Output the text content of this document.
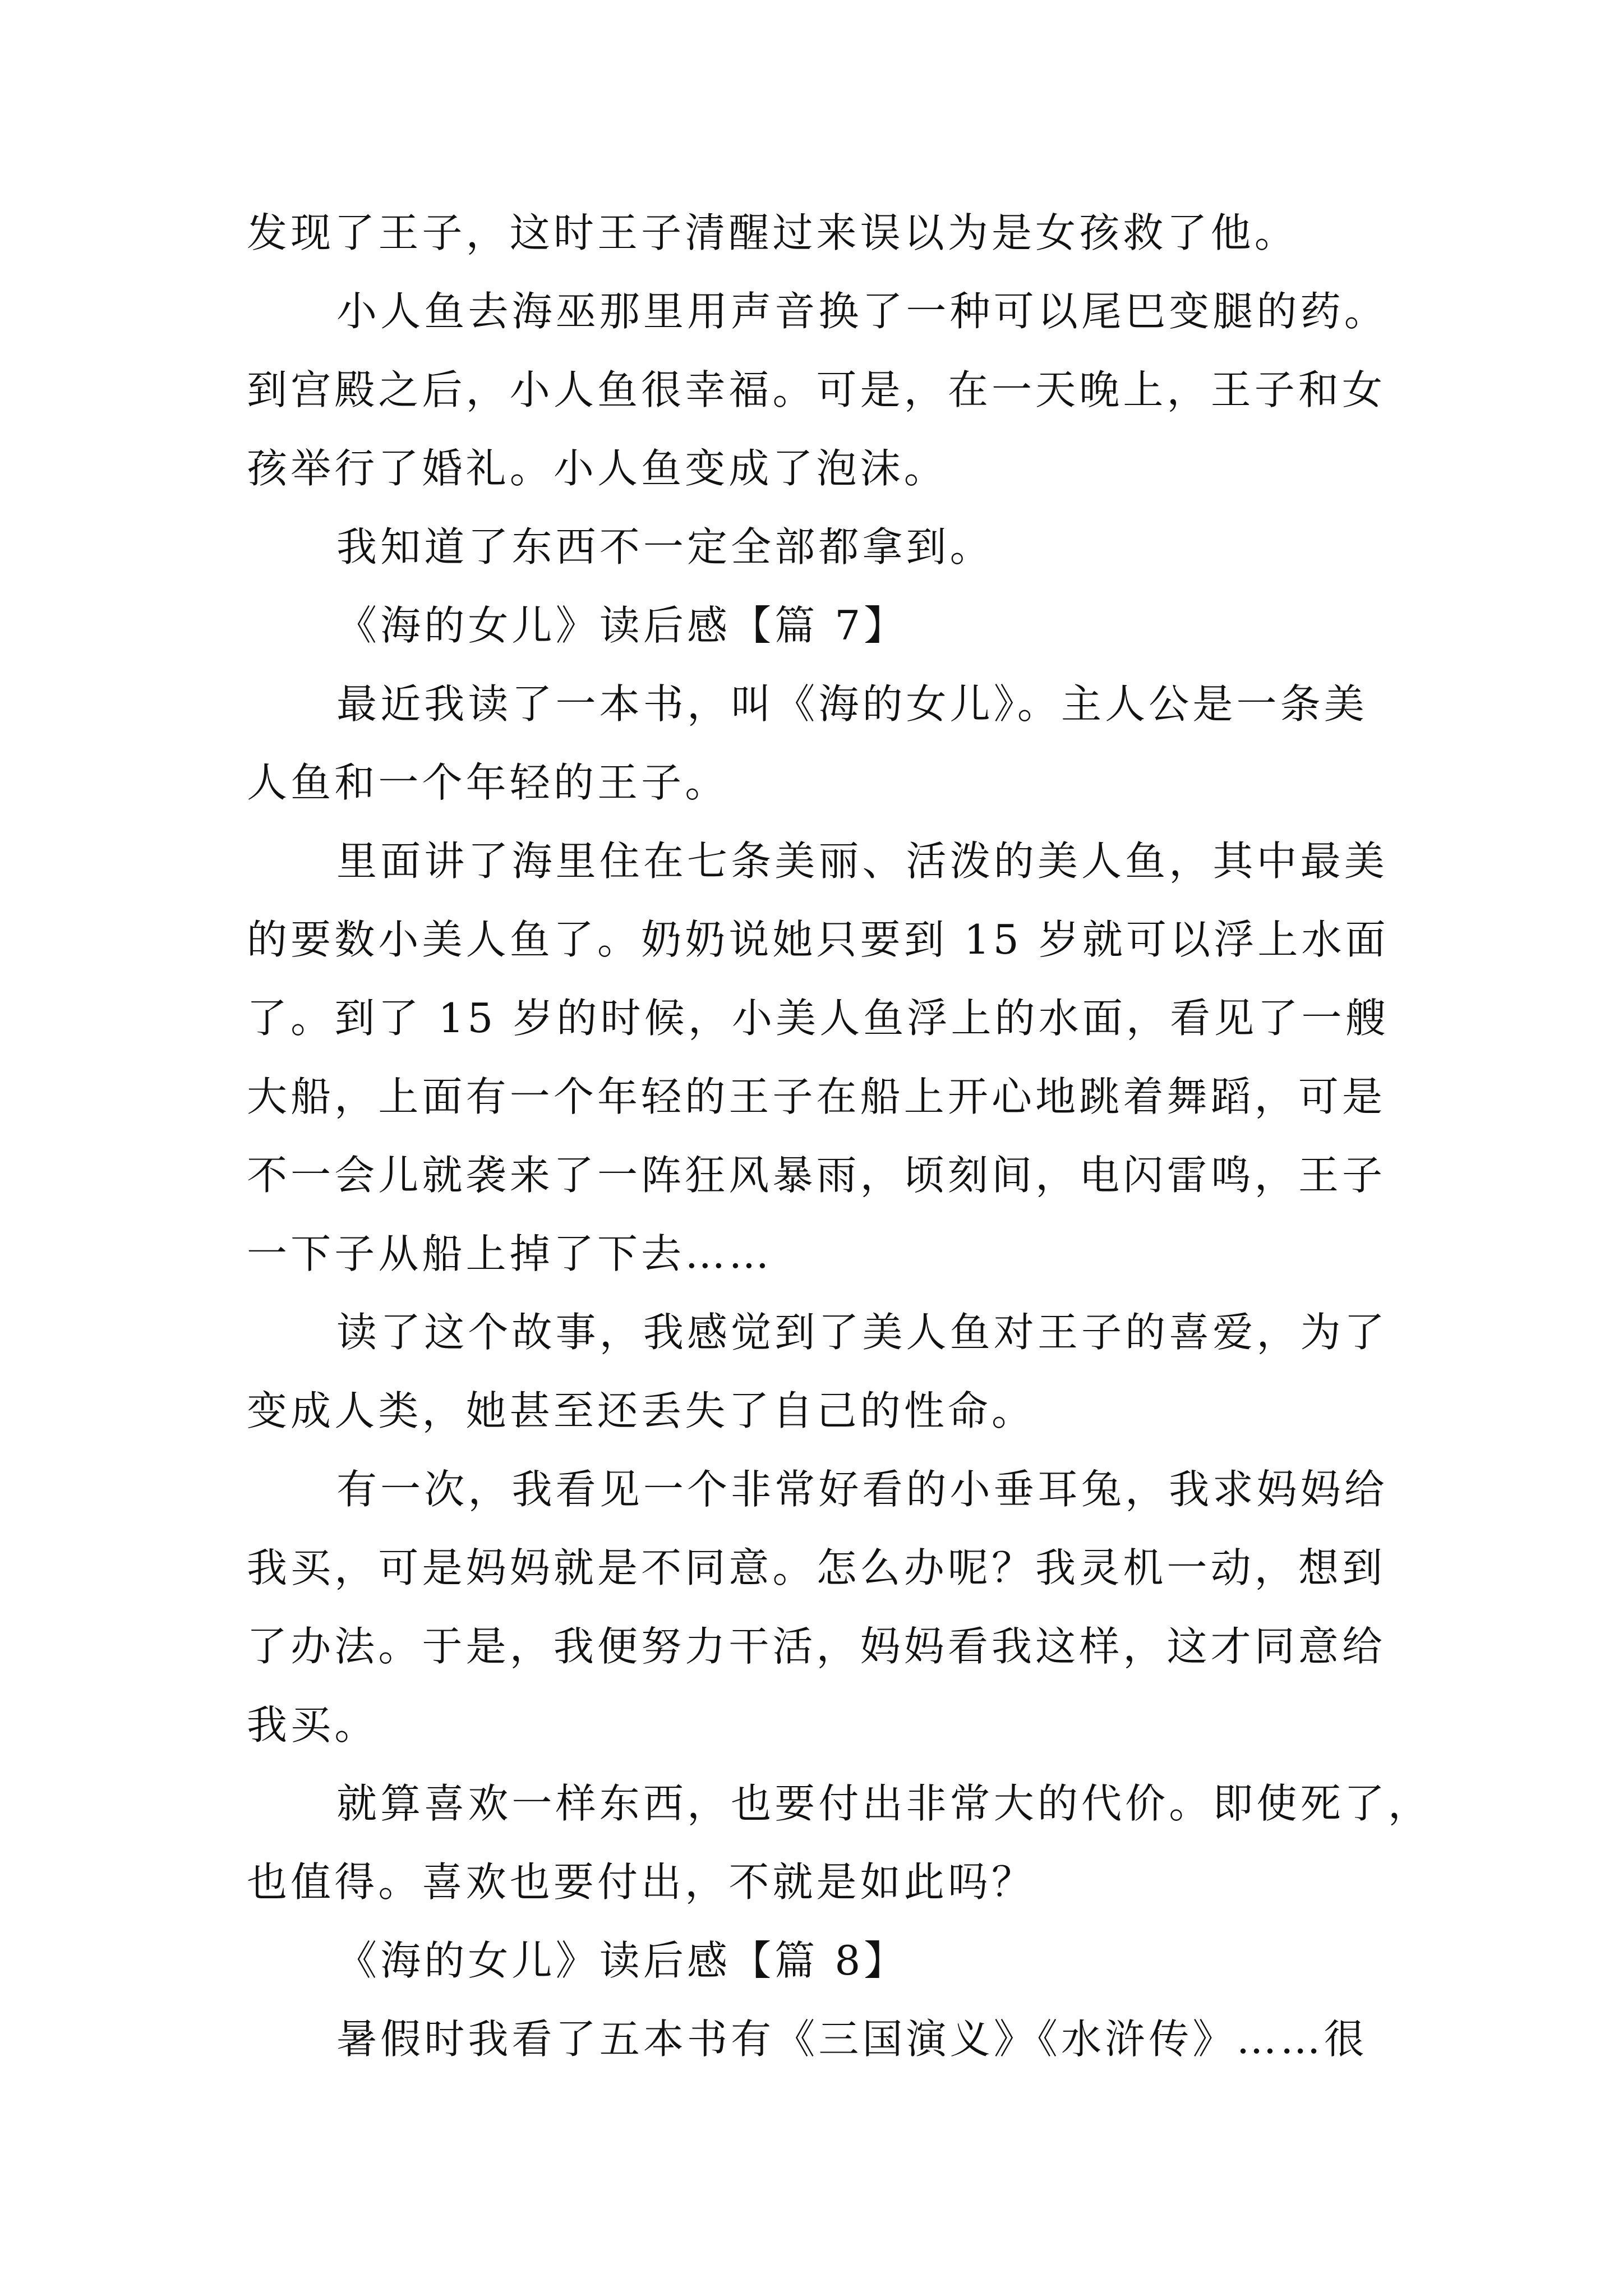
发现了王子，这时王子清醒过来误以为是女孩救了他。
小人鱼去海巫那里用声音换了一种可以尾巴变腿的药。
到宫殿之后，小人鱼很幸福。可是，在一天晚上，王子和女
孩举行了婚礼。小人鱼变成了泡沫。
我知道了东西不一定全部都拿到。
《海的女儿》读后感【篇 7】
最近我读了一本书，叫《海的女儿》。主人公是一条美
人鱼和一个年轻的王子。
里面讲了海里住在七条美丽、活泼的美人鱼，其中最美
的要数小美人鱼了。奶奶说她只要到 15 岁就可以浮上水面
了。到了 15 岁的时候，小美人鱼浮上的水面，看见了一艘
大船，上面有一个年轻的王子在船上开心地跳着舞蹈，可是
不一会儿就袭来了一阵狂风暴雨，顷刻间，电闪雷鸣，王子
一下子从船上掉了下去……
读了这个故事，我感觉到了美人鱼对王子的喜爱，为了
变成人类，她甚至还丢失了自己的性命。
有一次，我看见一个非常好看的小垂耳兔，我求妈妈给
我买，可是妈妈就是不同意。怎么办呢？我灵机一动，想到
了办法。于是，我便努力干活，妈妈看我这样，这才同意给
我买。
就算喜欢一样东西，也要付出非常大的代价。即使死了，
也值得。喜欢也要付出，不就是如此吗？
《海的女儿》读后感【篇 8】
暑假时我看了五本书有《三国演义》《水浒传》……很
